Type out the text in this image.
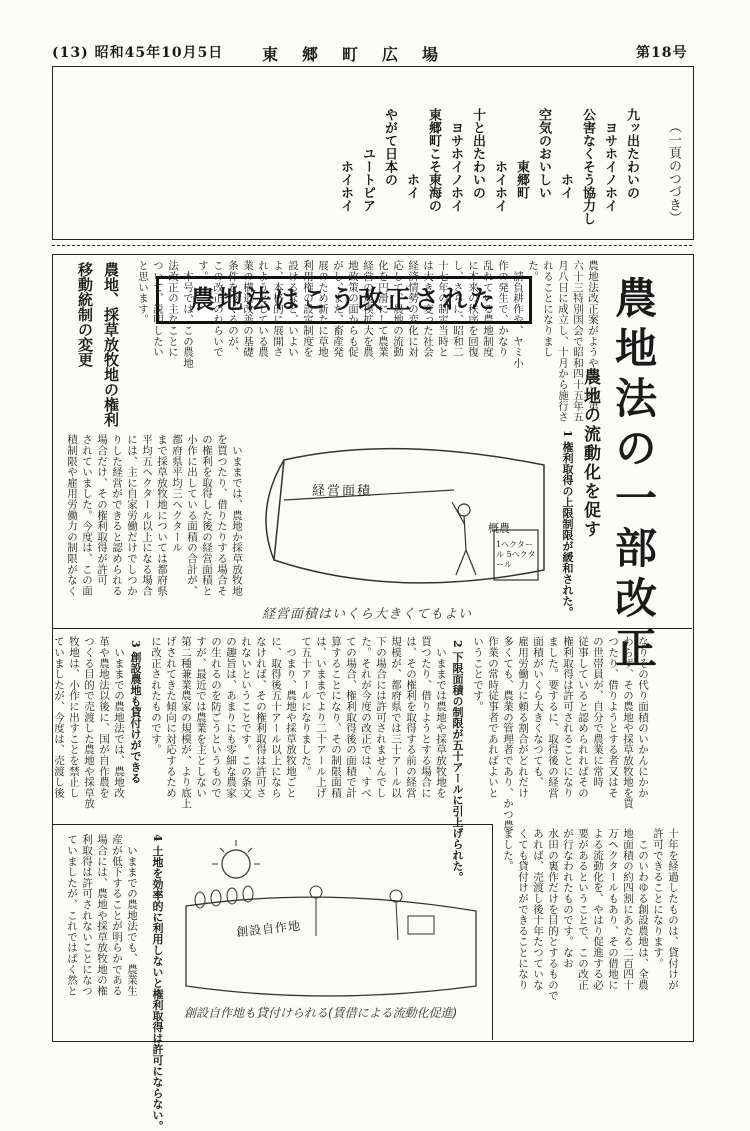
(13) 昭和45年10月5日 東　郷　町　広　場	第18号
（一頁のつづき）
九ッ出たわいの
　ヨサホイノホイ
公害なくそう協力し
　　　　　ホイ
空気のおいしい
　　　　東郷町
　　　　ホイホイ
十と出たわいの
　ヨサホイノホイ
東郷町こそ東海の
　　　　　ホイ
やがて日本の
　　　ユートピア
　　　　ホイホイ
農地法の一部改正
農地の流動化を促す
農地法はこう改正された
農地、採草放牧地の権利
移動統制の変更	農地法改正案がようやくこの第
六十三特別国会で昭和四十五年五
月八日に成立し、十月から施行さ
れることになりまし
た。
　請負耕作や、ヤミ小
作の発生で、かなり
乱れている農地制度
に本来の秩序を回復
し、さらに、昭和二
十七年の制定当時と
は大きく変った社会
経済情勢の変化に対
応して、農地の流動
化を円滑にして農業
経営の規模拡大を農
地政策の面からも促
がし、また、畜産発
展のため新たに草地
利用権の設定制度を
設けるなど、いよい
よ、本格的に展開さ
れようとしている農
業の構造改善の基礎
条件をつくるのが、
この改正のねらいで
す。
　本号では、この農地
法改正の主なことに
ついて、説明したい
と思います。
1 権利取得の上限制限が緩和された。
　いままでは、農地か採草放牧地
を買つたり、借りたりする場合そ
の権利を取得した後の経営面積と
小作に出している面積の合計が、
都府県平均三ヘクタール
まで採草放牧地については都府県
平均五ヘクタール以上になる場合
には、主に自家労働だけでしつか
りした経営ができると認められる
場合だけ、その権利取得が許可
されていました。今度は、この面
積制限や雇用労働力の制限がなく	経営面積
概農
1ヘクタール 5ヘクタール
経営面積はいくら大きくてもよい
2 下限面積の制限が五十アールに引上げられた。
3 創設農地も貸付けができる	なりその代り面積のいかんにかか
わらず、その農地や採草放牧地を買
つたり、借りようとする者又はそ
の世帯員が、自分で農業に常時
従事していると認められればその
権利取得は許可されることになり
ました。要するに、取得後の経営
面積がいくら大きくなつても、
雇用労働力に頼る割合がどれだけ
多くても、農業の管理者であり、かつ農
作業の常時従事者であればよいと
いうことです。
　いままでは農地や採草放牧地を
買つたり、借りようとする場合に
は、その権利を取得する前の経営
規模が、都府県では三十アール以
下の場合には許可されませんでし
た。それが今度の改正では、すべ
ての場合、権利取得後の面積で計
算することになり、その制限面積
は、いままでより二十アール上げ
て五十アールになりました。
　つまり、農地や採草放牧地ごと
に、取得後五十アール以上になら
なければ、その権利取得は許可さ
れないということです。この条文
の趣旨は、あまりにも零細な農家
の生れるのを防ごうというもので
すが、最近では農業を主としない
第二種兼業農家の規模が、より底上
げされてきた傾向に対応するため
に改正されたものです。
　いままでの農地法では、農地改
革や農地法以後に、国が自作農を
つくる目的で売渡した農地や採草放
牧地は、小作に出すことを禁止し
ていましたが、今度は、売渡し後
十年を経過したものは、貸付けが
許可できることになります。
　このいわゆる創設農地は、全農
地面積の約四割にあたる二百四十
万ヘクタールもあり、その借地に
よる流動化を、やはり促進する必
要があるということで、この改正
が行なわれたものです。なお
水田の裏作だけを目的とするもので
あれば、売渡し後十年たつていな
くても貸付けができることになり
ました。
創設自作地
創設自作地も貸付けられる(賃借による流動化促進)
4 土地を効率的に利用しないと権利取得は許可にならない。
　いままでの農地法でも、農業生
産が低下することが明らかである
場合には、農地や採草放牧地の権
利取得は許可されないことになつ
ていましたが、これではばく然と
